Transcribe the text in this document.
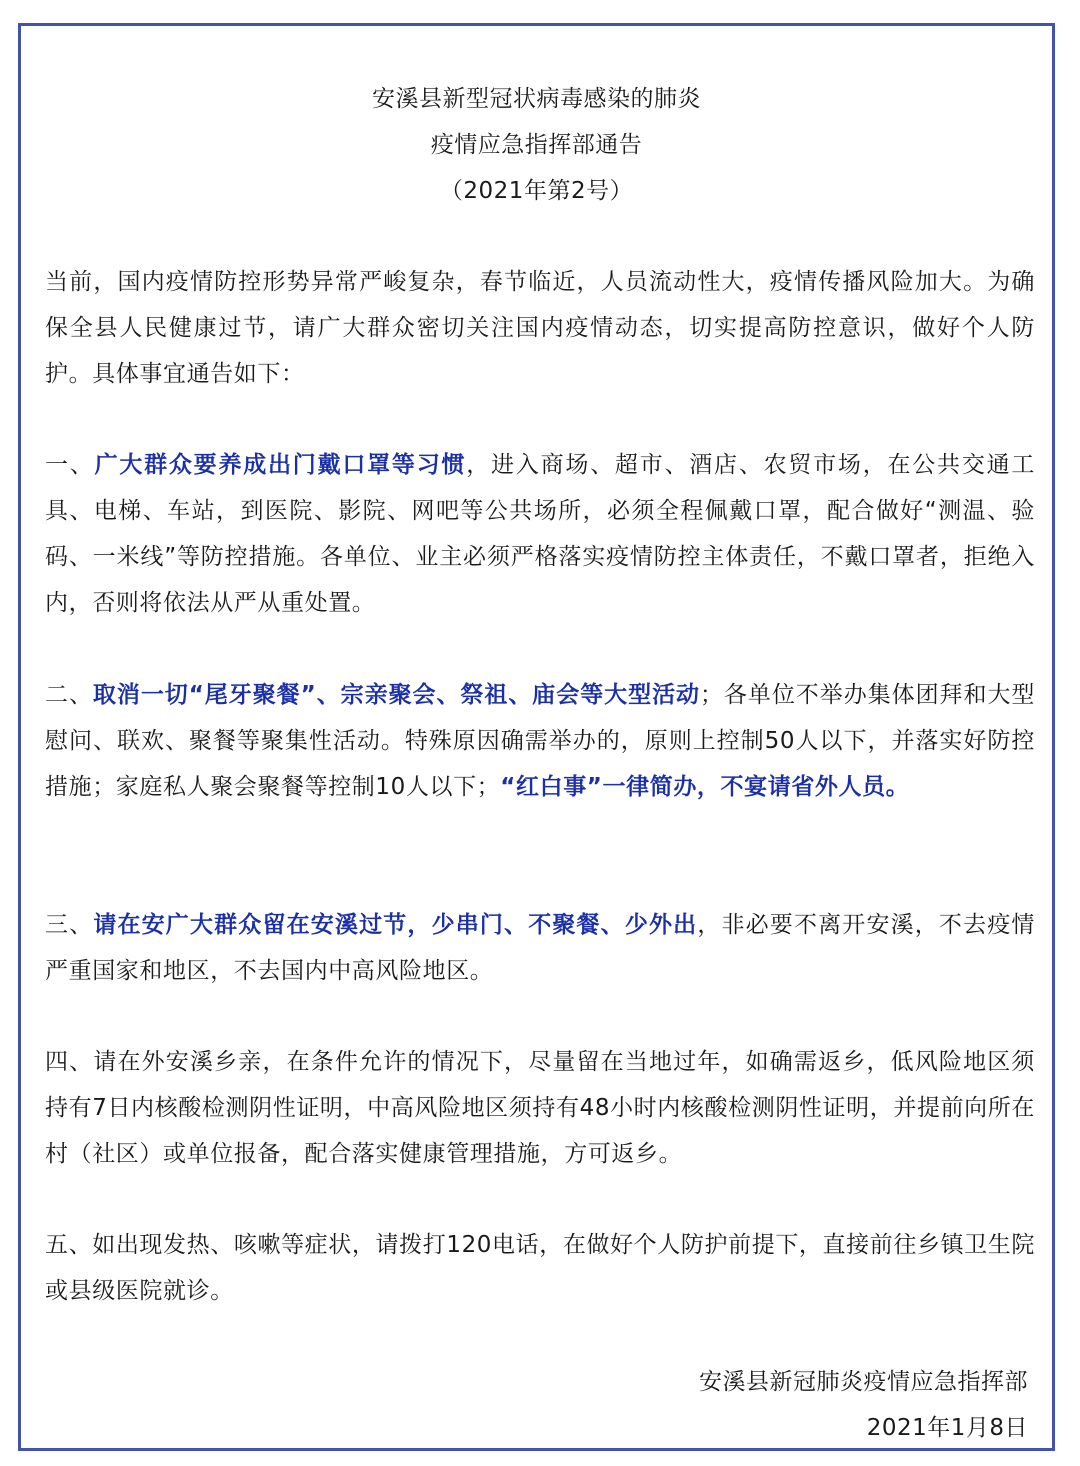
安溪县新型冠状病毒感染的肺炎
疫情应急指挥部通告
（2021年第2号）

当前，国内疫情防控形势异常严峻复杂，春节临近，人员流动性大，疫情传播风险加大。为确保全县人民健康过节，请广大群众密切关注国内疫情动态，切实提高防控意识，做好个人防护。具体事宜通告如下：

一、广大群众要养成出门戴口罩等习惯，进入商场、超市、酒店、农贸市场，在公共交通工具、电梯、车站，到医院、影院、网吧等公共场所，必须全程佩戴口罩，配合做好“测温、验码、一米线”等防控措施。各单位、业主必须严格落实疫情防控主体责任，不戴口罩者，拒绝入内，否则将依法从严从重处置。

二、取消一切“尾牙聚餐”、宗亲聚会、祭祖、庙会等大型活动；各单位不举办集体团拜和大型慰问、联欢、聚餐等聚集性活动。特殊原因确需举办的，原则上控制50人以下，并落实好防控措施；家庭私人聚会聚餐等控制10人以下；“红白事”一律简办，不宴请省外人员。

三、请在安广大群众留在安溪过节，少串门、不聚餐、少外出，非必要不离开安溪，不去疫情严重国家和地区，不去国内中高风险地区。

四、请在外安溪乡亲，在条件允许的情况下，尽量留在当地过年，如确需返乡，低风险地区须持有7日内核酸检测阴性证明，中高风险地区须持有48小时内核酸检测阴性证明，并提前向所在村（社区）或单位报备，配合落实健康管理措施，方可返乡。

五、如出现发热、咳嗽等症状，请拨打120电话，在做好个人防护前提下，直接前往乡镇卫生院或县级医院就诊。

安溪县新冠肺炎疫情应急指挥部
2021年1月8日
